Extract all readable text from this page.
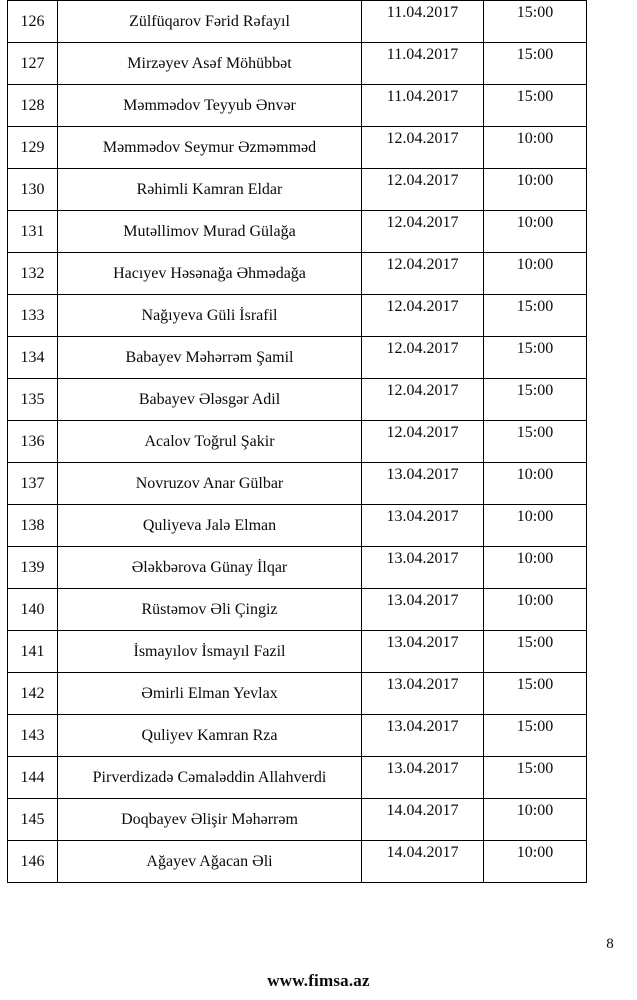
126	Zülfüqarov Fərid Rəfayıl	11.04.2017	15:00
127	Mirzəyev Asəf Möhübbət	11.04.2017	15:00
128	Məmmədov Teyyub Ənvər	11.04.2017	15:00
129	Məmmədov Seymur Əzməmməd	12.04.2017	10:00
130	Rəhimli Kamran Eldar	12.04.2017	10:00
131	Mutəllimov Murad Gülağa	12.04.2017	10:00
132	Hacıyev Həsənağa Əhmədağa	12.04.2017	10:00
133	Nağıyeva Güli İsrafil	12.04.2017	15:00
134	Babayev Məhərrəm Şamil	12.04.2017	15:00
135	Babayev Ələsgər Adil	12.04.2017	15:00
136	Acalov Toğrul Şakir	12.04.2017	15:00
137	Novruzov Anar Gülbar	13.04.2017	10:00
138	Quliyeva Jalə Elman	13.04.2017	10:00
139	Ələkbərova Günay İlqar	13.04.2017	10:00
140	Rüstəmov Əli Çingiz	13.04.2017	10:00
141	İsmayılov İsmayıl Fazil	13.04.2017	15:00
142	Əmirli Elman Yevlax	13.04.2017	15:00
143	Quliyev Kamran Rza	13.04.2017	15:00
144	Pirverdizadə Cəmaləddin Allahverdi	13.04.2017	15:00
145	Doqbayev Əlişir Məhərrəm	14.04.2017	10:00
146	Ağayev Ağacan Əli	14.04.2017	10:00
8
www.fimsa.az
